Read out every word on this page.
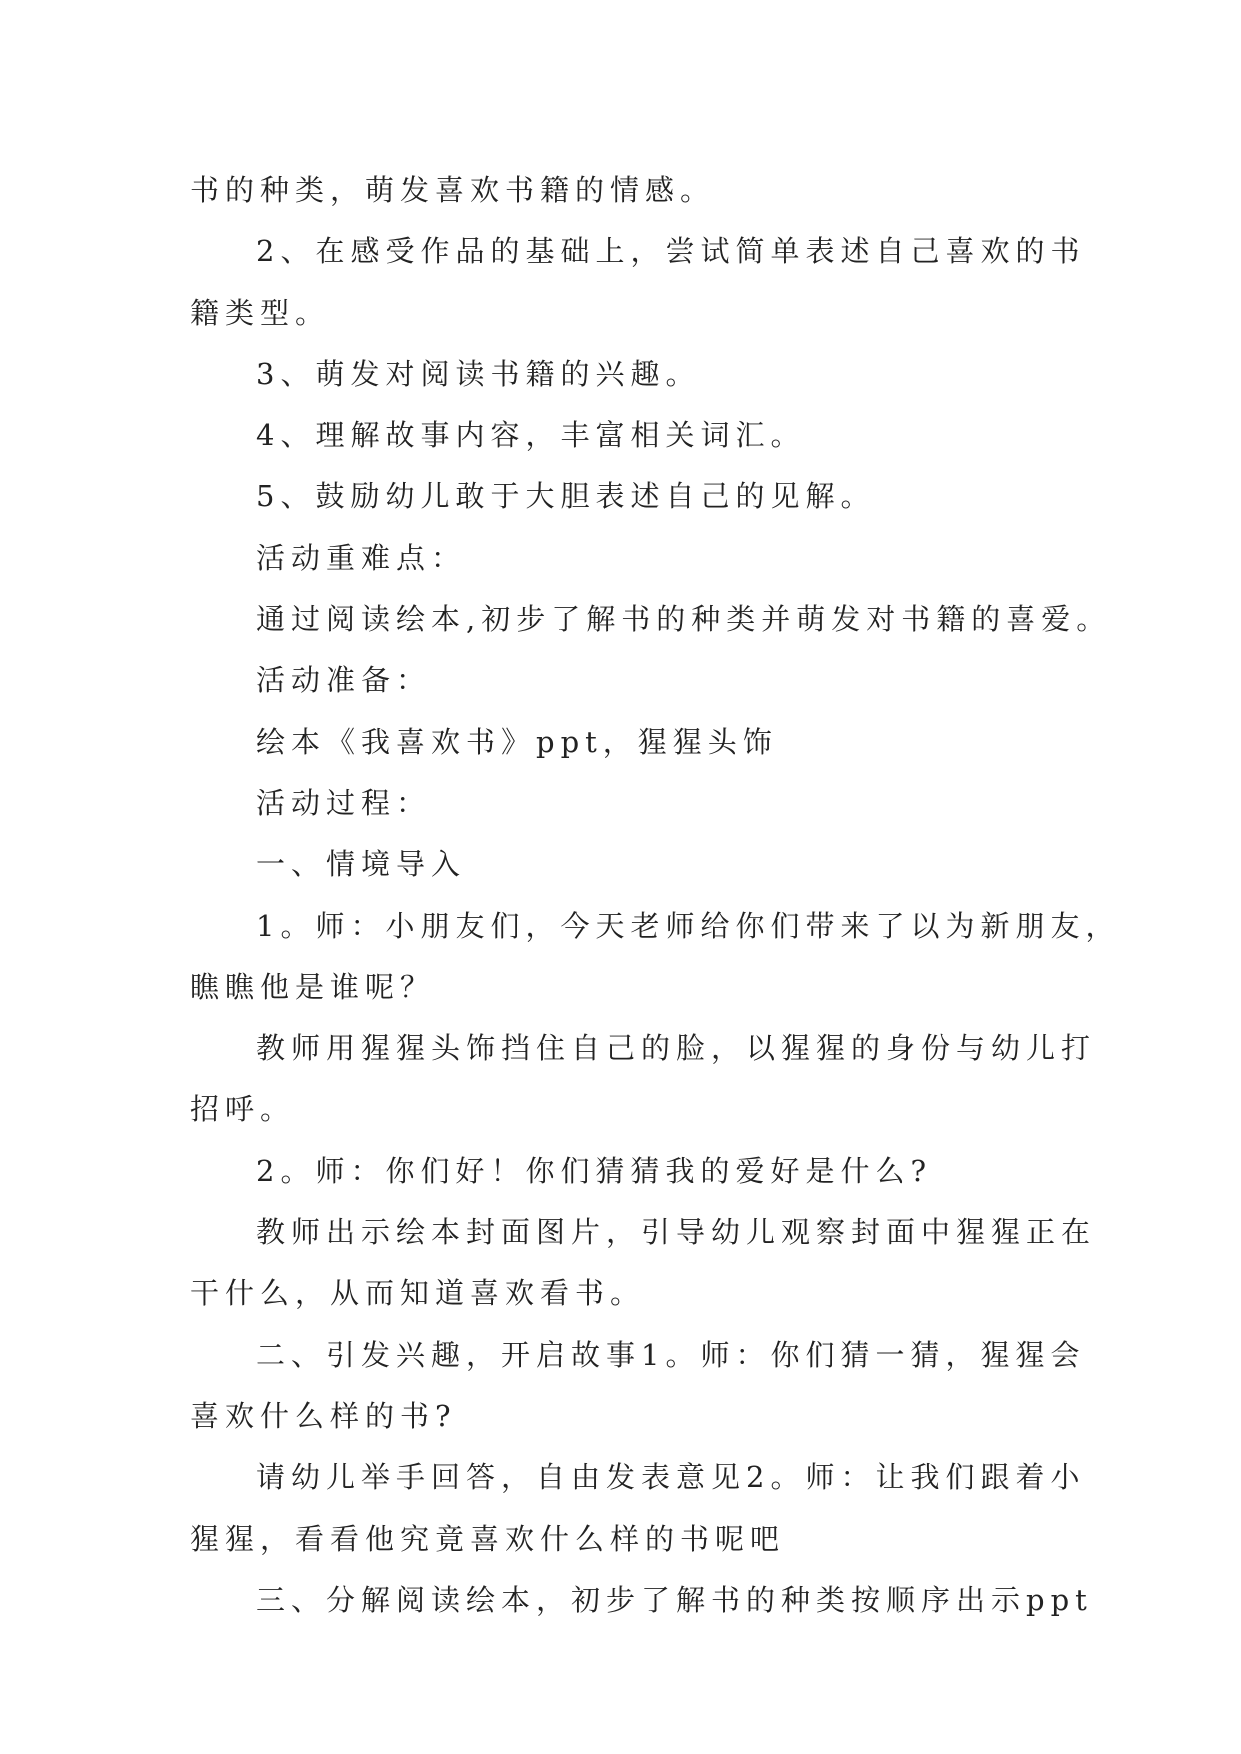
书的种类，萌发喜欢书籍的情感。

2、在感受作品的基础上，尝试简单表述自己喜欢的书

籍类型。

3、萌发对阅读书籍的兴趣。

4、理解故事内容，丰富相关词汇。

5、鼓励幼儿敢于大胆表述自己的见解。

活动重难点：

通过阅读绘本,初步了解书的种类并萌发对书籍的喜爱。

活动准备：

绘本《我喜欢书》ppt，猩猩头饰

活动过程：

一、情境导入

1。师：小朋友们，今天老师给你们带来了以为新朋友，

瞧瞧他是谁呢？

教师用猩猩头饰挡住自己的脸，以猩猩的身份与幼儿打

招呼。

2。师：你们好！你们猜猜我的爱好是什么?

教师出示绘本封面图片，引导幼儿观察封面中猩猩正在

干什么，从而知道喜欢看书。

二、引发兴趣，开启故事1。师：你们猜一猜，猩猩会

喜欢什么样的书?

请幼儿举手回答，自由发表意见2。师：让我们跟着小

猩猩，看看他究竟喜欢什么样的书呢吧

三、分解阅读绘本，初步了解书的种类按顺序出示ppt
